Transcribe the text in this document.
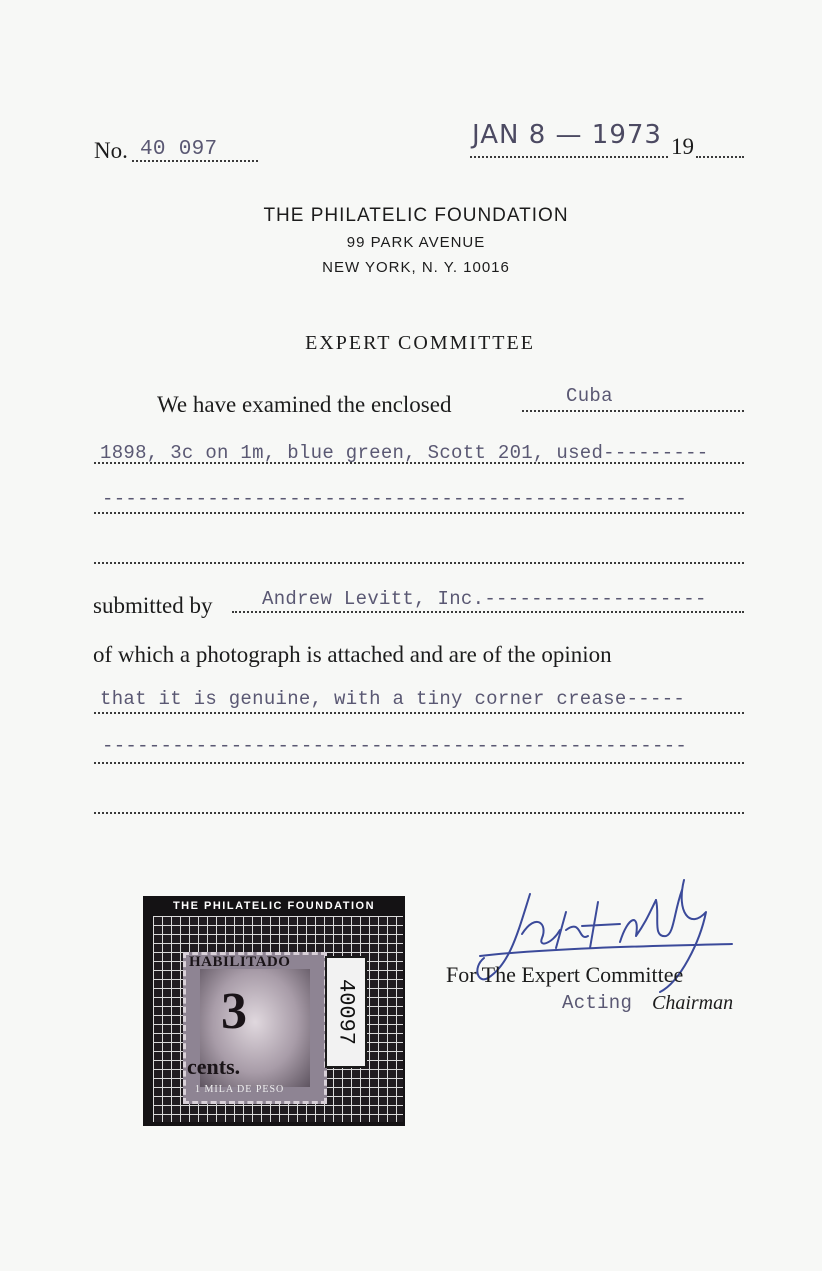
No. 40 097	JAN 8 — 1973 19
THE PHILATELIC FOUNDATION
99 PARK AVENUE
NEW YORK, N. Y. 10016
EXPERT COMMITTEE
We have examined the enclosed	Cuba
1898, 3c on 1m, blue green, Scott 201, used---------
--------------------------------------------------
submitted by	Andrew Levitt, Inc.-------------------
of which a photograph is attached and are of the opinion
that it is genuine, with a tiny corner crease-----
--------------------------------------------------
THE PHILATELIC FOUNDATION
HABILITADO
3
cents.
1 MILA DE PESO
40097
For The Expert Committee
Acting Chairman
